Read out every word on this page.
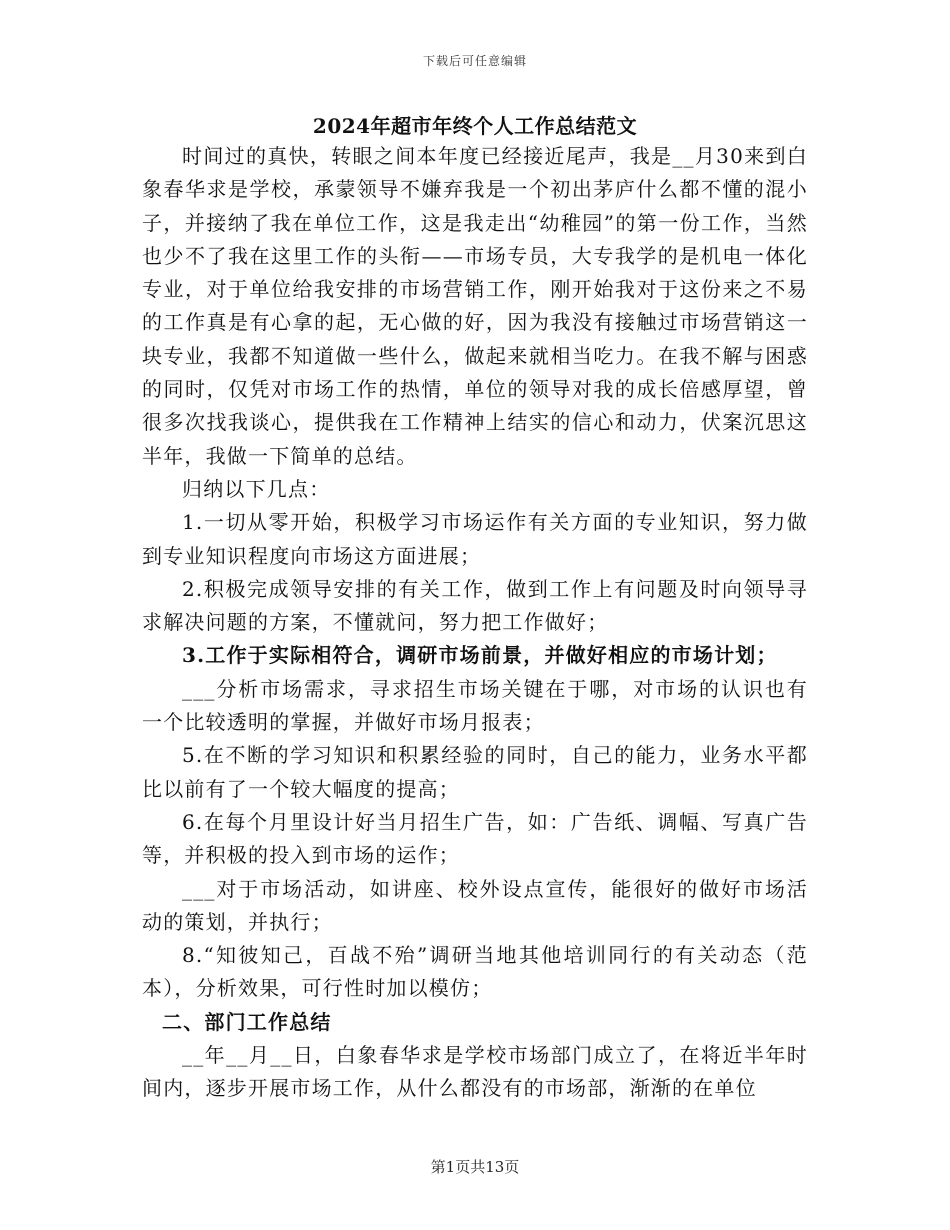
下载后可任意编辑
2024年超市年终个人工作总结范文

时间过的真快，转眼之间本年度已经接近尾声，我是__月30来到白象春华求是学校，承蒙领导不嫌弃我是一个初出茅庐什么都不懂的混小子，并接纳了我在单位工作，这是我走出“幼稚园”的第一份工作，当然也少不了我在这里工作的头衔——市场专员，大专我学的是机电一体化专业，对于单位给我安排的市场营销工作，刚开始我对于这份来之不易的工作真是有心拿的起，无心做的好，因为我没有接触过市场营销这一块专业，我都不知道做一些什么，做起来就相当吃力。在我不解与困惑的同时，仅凭对市场工作的热情，单位的领导对我的成长倍感厚望，曾很多次找我谈心，提供我在工作精神上结实的信心和动力，伏案沉思这半年，我做一下简单的总结。

归纳以下几点：

1.一切从零开始，积极学习市场运作有关方面的专业知识，努力做到专业知识程度向市场这方面进展；

2.积极完成领导安排的有关工作，做到工作上有问题及时向领导寻求解决问题的方案，不懂就问，努力把工作做好；

3.工作于实际相符合，调研市场前景，并做好相应的市场计划；

___分析市场需求，寻求招生市场关键在于哪，对市场的认识也有一个比较透明的掌握，并做好市场月报表；

5.在不断的学习知识和积累经验的同时，自己的能力，业务水平都比以前有了一个较大幅度的提高；

6.在每个月里设计好当月招生广告，如：广告纸、调幅、写真广告等，并积极的投入到市场的运作；

___对于市场活动，如讲座、校外设点宣传，能很好的做好市场活动的策划，并执行；

8.“知彼知己，百战不殆”调研当地其他培训同行的有关动态（范本），分析效果，可行性时加以模仿；

二、部门工作总结

__年__月__日，白象春华求是学校市场部门成立了，在将近半年时间内，逐步开展市场工作，从什么都没有的市场部，渐渐的在单位

第1页共13页
